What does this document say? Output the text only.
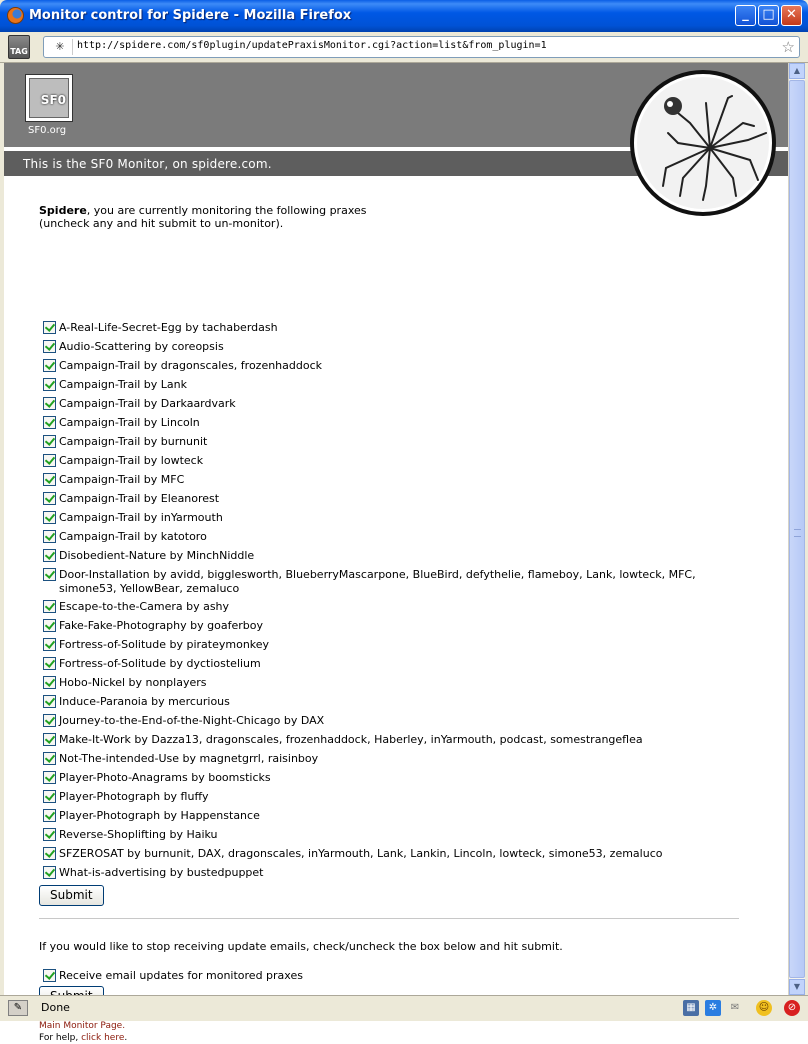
Monitor control for Spidere - Mozilla Firefox	_	□ ✕
TAG	✳	http://spidere.com/sf0plugin/updatePraxisMonitor.cgi?action=list&from_plugin=1	☆
SF0
SF0.org
This is the SF0 Monitor, on spidere.com.
Spidere, you are currently monitoring the following praxes
(uncheck any and hit submit to un-monitor).
A-Real-Life-Secret-Egg by tachaberdash
Audio-Scattering by coreopsis
Campaign-Trail by dragonscales, frozenhaddock
Campaign-Trail by Lank
Campaign-Trail by Darkaardvark
Campaign-Trail by Lincoln
Campaign-Trail by burnunit
Campaign-Trail by lowteck
Campaign-Trail by MFC
Campaign-Trail by Eleanorest
Campaign-Trail by inYarmouth
Campaign-Trail by katotoro
Disobedient-Nature by MinchNiddle
Door-Installation by avidd, bigglesworth, BlueberryMascarpone, BlueBird, defythelie, flameboy, Lank, lowteck, MFC, simone53, YellowBear, zemaluco
Escape-to-the-Camera by ashy
Fake-Fake-Photography by goaferboy
Fortress-of-Solitude by pirateymonkey
Fortress-of-Solitude by dyctiostelium
Hobo-Nickel by nonplayers
Induce-Paranoia by mercurious
Journey-to-the-End-of-the-Night-Chicago by DAX
Make-It-Work by Dazza13, dragonscales, frozenhaddock, Haberley, inYarmouth, podcast, somestrangeflea
Not-The-intended-Use by magnetgrrl, raisinboy
Player-Photo-Anagrams by boomsticks
Player-Photograph by fluffy
Player-Photograph by Happenstance
Reverse-Shoplifting by Haiku
SFZEROSAT by burnunit, DAX, dragonscales, inYarmouth, Lank, Lankin, Lincoln, lowteck, simone53, zemaluco
What-is-advertising by bustedpuppet
Submit
If you would like to stop receiving update emails, check/uncheck the box below and hit submit.
Receive email updates for monitored praxes
Main Monitor Page.
For help, click here.
▲
▼
✎	Done	▦	✲	✉	☺	⊘
